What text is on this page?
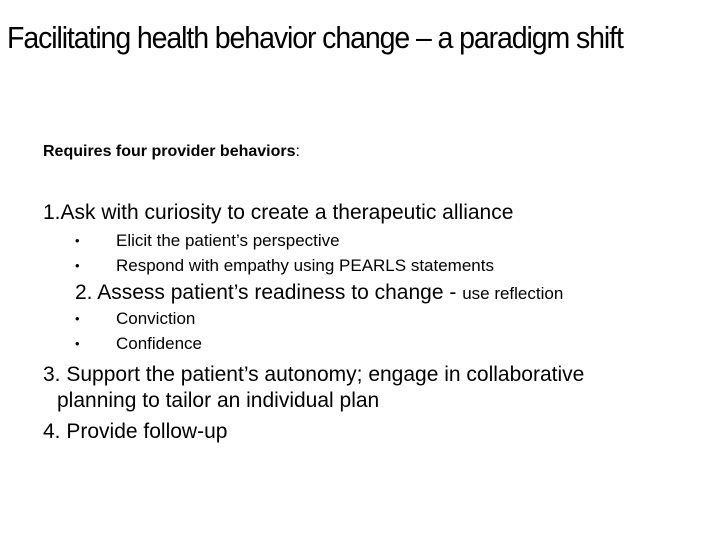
Facilitating health behavior change – a paradigm shift
Requires four provider behaviors:
1.Ask with curiosity to create a therapeutic alliance
• Elicit the patient’s perspective
• Respond with empathy using PEARLS statements
2. Assess patient’s readiness to change - use reflection
• Conviction
• Confidence
3. Support the patient’s autonomy; engage in collaborative
planning to tailor an individual plan
4. Provide follow-up
